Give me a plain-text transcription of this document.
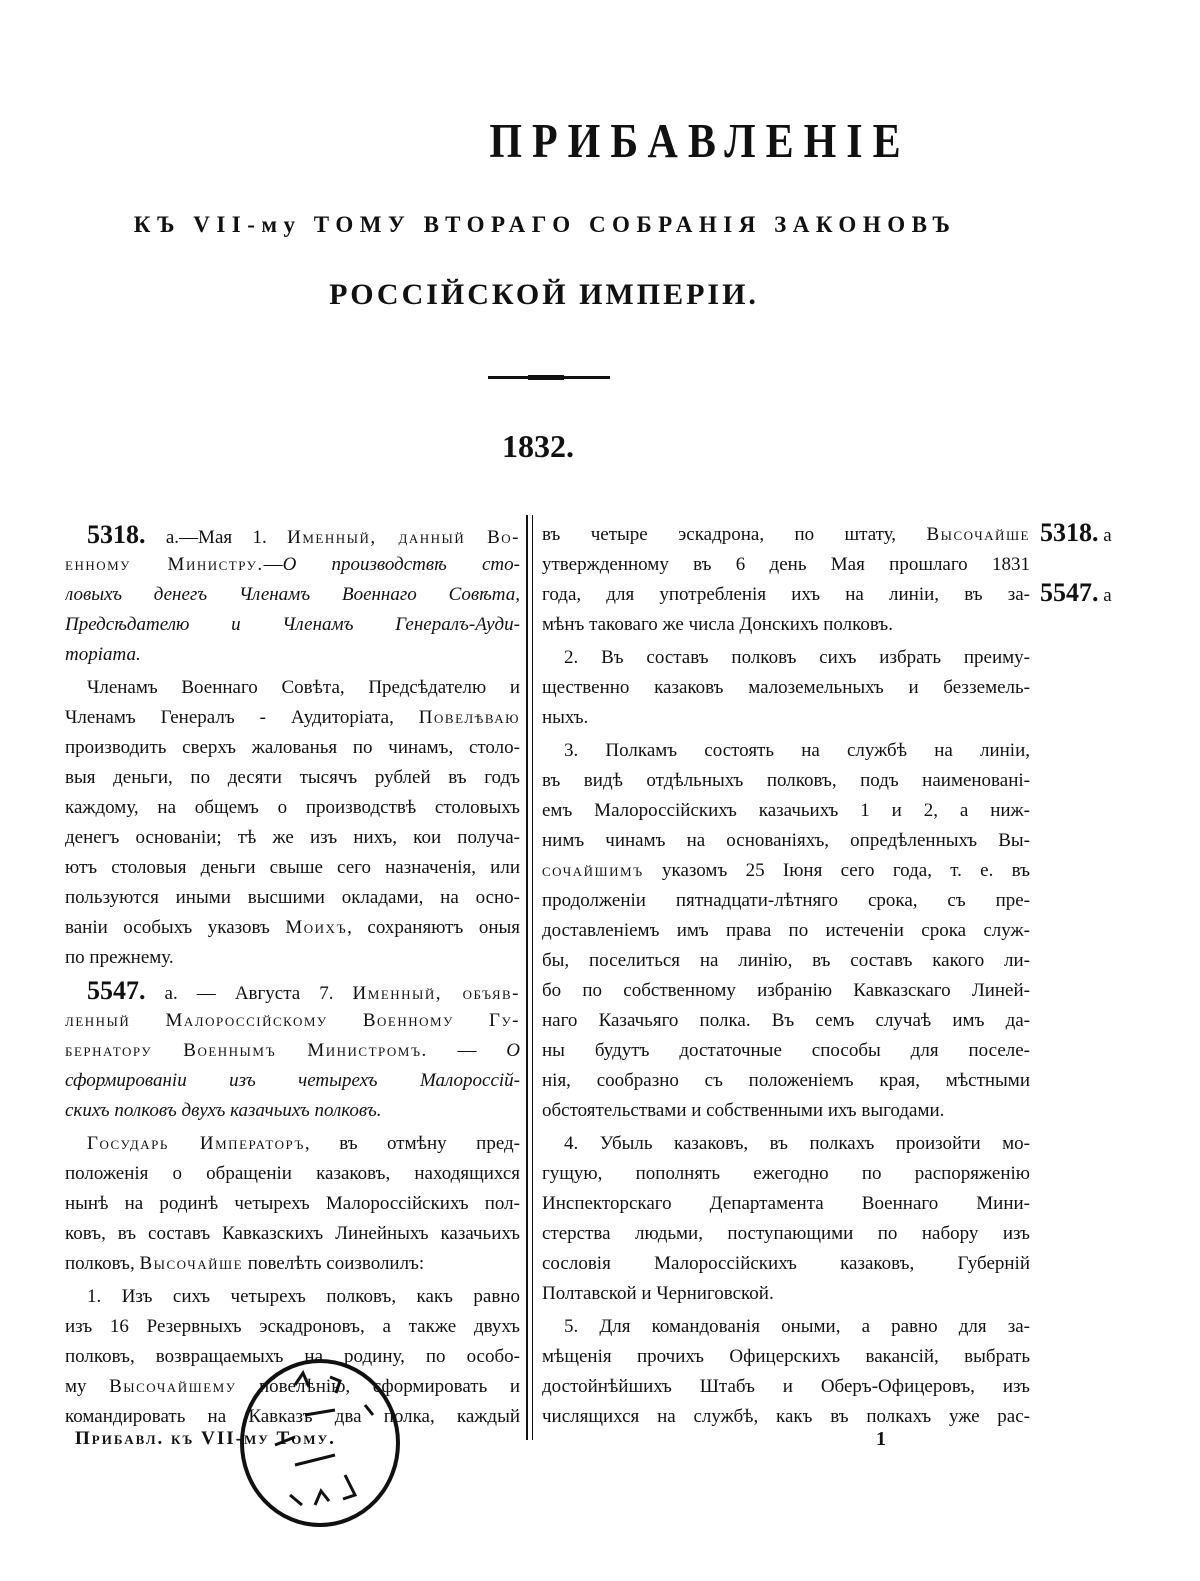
ПРИБАВЛЕНІЕ
КЪ VII-му ТОМУ ВТОРАГО СОБРАНІЯ ЗАКОНОВЪ
РОССІЙСКОЙ ИМПЕРІИ.
1832.
5318. а.—Мая 1. Именный, данный Во-
енному Министру.—О производствѣ сто-
ловыхъ денегъ Членамъ Военнаго Совѣта,
Предсѣдателю и Членамъ Генералъ-Ауди-
торіата.
Членамъ Военнаго Совѣта, Предсѣдателю и
Членамъ Генералъ - Аудиторіата, Повелѣваю
производить сверхъ жалованья по чинамъ, столо-
выя деньги, по десяти тысячъ рублей въ годъ
каждому, на общемъ о производствѣ столовыхъ
денегъ основаніи; тѣ же изъ нихъ, кои получа-
ютъ столовыя деньги свыше сего назначенія, или
пользуются иными высшими окладами, на осно-
ваніи особыхъ указовъ Моихъ, сохраняютъ оныя
по прежнему.
5547. а. — Августа 7. Именный, объяв-
ленный Малороссійскому Военному Гу-
бернатору Военнымъ Министромъ. — О
сформированіи изъ четырехъ Малороссій-
скихъ полковъ двухъ казачьихъ полковъ.
Государь Императоръ, въ отмѣну пред-
положенія о обращеніи казаковъ, находящихся
нынѣ на родинѣ четырехъ Малороссійскихъ пол-
ковъ, въ составъ Кавказскихъ Линейныхъ казачьихъ
полковъ, Высочайше повелѣть соизволилъ:
1. Изъ сихъ четырехъ полковъ, какъ равно
изъ 16 Резервныхъ эскадроновъ, а также двухъ
полковъ, возвращаемыхъ на родину, по особо-
му Высочайшему повелѣнію, сформировать и
командировать на Кавказъ два полка, каждый
въ четыре эскадрона, по штату, Высочайше
утвержденному въ 6 день Мая прошлаго 1831
года, для употребленія ихъ на линіи, въ за-
мѣнъ таковаго же числа Донскихъ полковъ.
2. Въ составъ полковъ сихъ избрать преиму-
щественно казаковъ малоземельныхъ и безземель-
ныхъ.
3. Полкамъ состоять на службѣ на линіи,
въ видѣ отдѣльныхъ полковъ, подъ наименованi-
емъ Малороссійскихъ казачьихъ 1 и 2, а ниж-
нимъ чинамъ на основаніяхъ, опредѣленныхъ Вы-
сочайшимъ указомъ 25 Іюня сего года, т. е. въ
продолженіи пятнадцати-лѣтняго срока, съ пре-
доставленіемъ имъ права по истеченіи срока служ-
бы, поселиться на линію, въ составъ какого ли-
бо по собственному избранію Кавказскаго Линей-
наго Казачьяго полка. Въ семъ случаѣ имъ да-
ны будутъ достаточные способы для поселе-
нія, сообразно съ положеніемъ края, мѣстными
обстоятельствами и собственными ихъ выгодами.
4. Убыль казаковъ, въ полкахъ произойти мо-
гущую, пополнять ежегодно по распоряженію
Инспекторскаго Департамента Военнаго Мини-
стерства людьми, поступающими по набору изъ
сословія Малороссійскихъ казаковъ, Губерній
Полтавской и Черниговской.
5. Для командованія оными, а равно для за-
мѣщенія прочихъ Офицерскихъ вакансій, выбрать
достойнѣйшихъ Штабъ и Оберъ-Офицеровъ, изъ
числящихся на службѣ, какъ въ полкахъ уже рас-
5318. а
5547. а
Прибавл. къ VII-му Тому.	1
